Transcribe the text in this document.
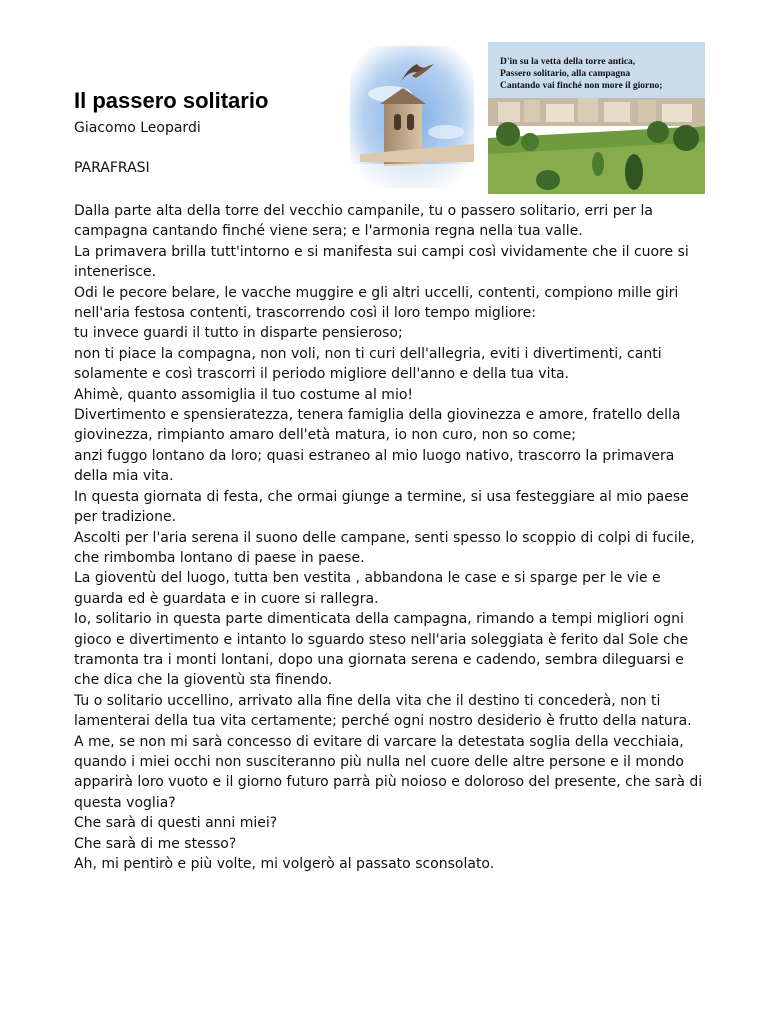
Il passero solitario
Giacomo Leopardi
PARAFRASI
D'in su la vetta della torre antica,
Passero solitario, alla campagna
Cantando vai finché non more il giorno;

Dalla parte alta della torre del vecchio campanile, tu o passero solitario, erri per la campagna cantando finché viene sera; e l'armonia regna nella tua valle.

La primavera brilla tutt'intorno e si manifesta sui campi così vividamente che il cuore si intenerisce.

Odi le pecore belare, le vacche muggire e gli altri uccelli, contenti, compiono mille giri nell'aria festosa contenti, trascorrendo così il loro tempo migliore:

tu invece guardi il tutto in disparte pensieroso;

non ti piace la compagna, non voli, non ti curi dell'allegria, eviti i divertimenti, canti solamente e così trascorri il periodo migliore dell'anno e della tua vita.

Ahimè, quanto assomiglia il tuo costume al mio!

Divertimento e spensieratezza, tenera famiglia della giovinezza e amore, fratello della giovinezza, rimpianto amaro dell'età matura, io non curo, non so come;

anzi fuggo lontano da loro; quasi estraneo al mio luogo nativo, trascorro la primavera della mia vita.

In questa giornata di festa, che ormai giunge a termine, si usa festeggiare al mio paese per tradizione.

Ascolti per l'aria serena il suono delle campane, senti spesso lo scoppio di colpi di fucile, che rimbomba lontano di paese in paese.

La gioventù del luogo, tutta ben vestita , abbandona le case e si sparge per le vie e guarda ed è guardata e in cuore si rallegra.

Io, solitario in questa parte dimenticata della campagna, rimando a tempi migliori ogni gioco e divertimento e intanto lo sguardo steso nell'aria soleggiata è ferito dal Sole che tramonta tra i monti lontani, dopo una giornata serena e cadendo, sembra dileguarsi e che dica che la gioventù sta finendo.

Tu o solitario uccellino, arrivato alla fine della vita che il destino ti concederà, non ti lamenterai della tua vita certamente; perché ogni nostro desiderio è frutto della natura.

A me, se non mi sarà concesso di evitare di varcare la detestata soglia della vecchiaia, quando i miei occhi non susciteranno più nulla nel cuore delle altre persone e il mondo apparirà loro vuoto e il giorno futuro parrà più noioso e doloroso del presente, che sarà di questa voglia?

Che sarà di questi anni miei?

Che sarà di me stesso?

Ah, mi pentirò e più volte, mi volgerò al passato sconsolato.
